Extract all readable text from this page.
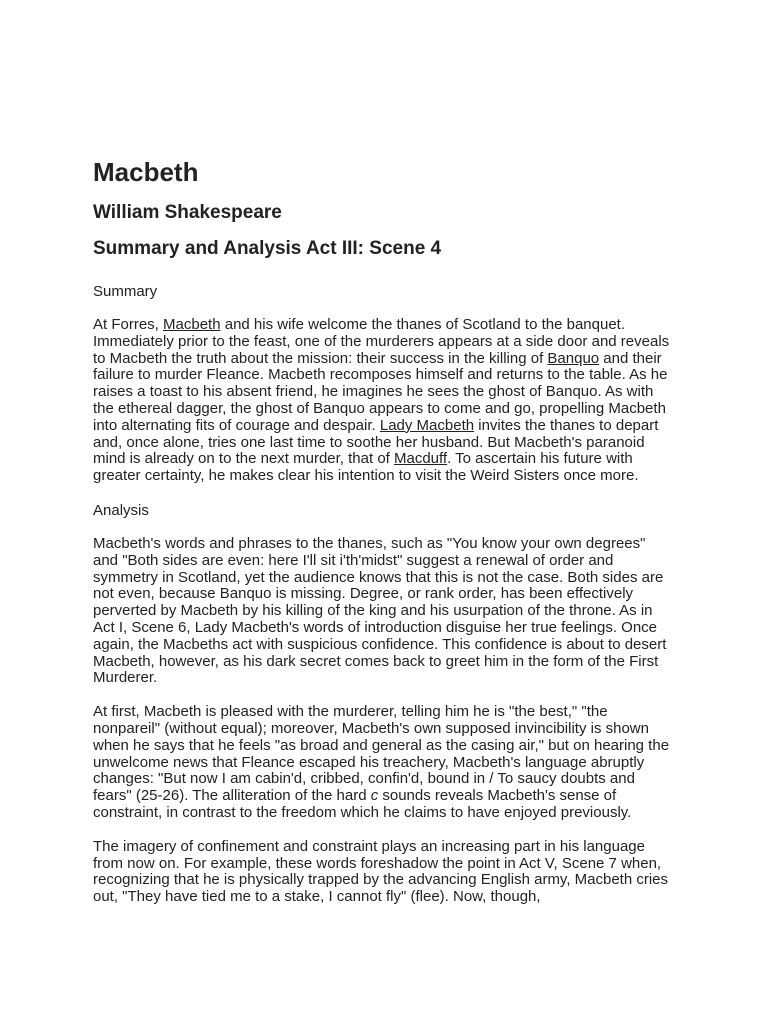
Macbeth
William Shakespeare
Summary and Analysis Act III: Scene 4
Summary

At Forres, Macbeth and his wife welcome the thanes of Scotland to the banquet. Immediately prior to the feast, one of the murderers appears at a side door and reveals to Macbeth the truth about the mission: their success in the killing of Banquo and their failure to murder Fleance. Macbeth recomposes himself and returns to the table. As he raises a toast to his absent friend, he imagines he sees the ghost of Banquo. As with the ethereal dagger, the ghost of Banquo appears to come and go, propelling Macbeth into alternating fits of courage and despair. Lady Macbeth invites the thanes to depart and, once alone, tries one last time to soothe her husband. But Macbeth's paranoid mind is already on to the next murder, that of Macduff. To ascertain his future with greater certainty, he makes clear his intention to visit the Weird Sisters once more.

Analysis

Macbeth's words and phrases to the thanes, such as "You know your own degrees" and "Both sides are even: here I'll sit i'th'midst" suggest a renewal of order and symmetry in Scotland, yet the audience knows that this is not the case. Both sides are not even, because Banquo is missing. Degree, or rank order, has been effectively perverted by Macbeth by his killing of the king and his usurpation of the throne. As in Act I, Scene 6, Lady Macbeth's words of introduction disguise her true feelings. Once again, the Macbeths act with suspicious confidence. This confidence is about to desert Macbeth, however, as his dark secret comes back to greet him in the form of the First Murderer.

At first, Macbeth is pleased with the murderer, telling him he is "the best," "the nonpareil" (without equal); moreover, Macbeth's own supposed invincibility is shown when he says that he feels "as broad and general as the casing air," but on hearing the unwelcome news that Fleance escaped his treachery, Macbeth's language abruptly changes: "But now I am cabin'd, cribbed, confin'd, bound in / To saucy doubts and fears" (25-26). The alliteration of the hard c sounds reveals Macbeth's sense of constraint, in contrast to the freedom which he claims to have enjoyed previously.

The imagery of confinement and constraint plays an increasing part in his language from now on. For example, these words foreshadow the point in Act V, Scene 7 when, recognizing that he is physically trapped by the advancing English army, Macbeth cries out, "They have tied me to a stake, I cannot fly" (flee). Now, though,
